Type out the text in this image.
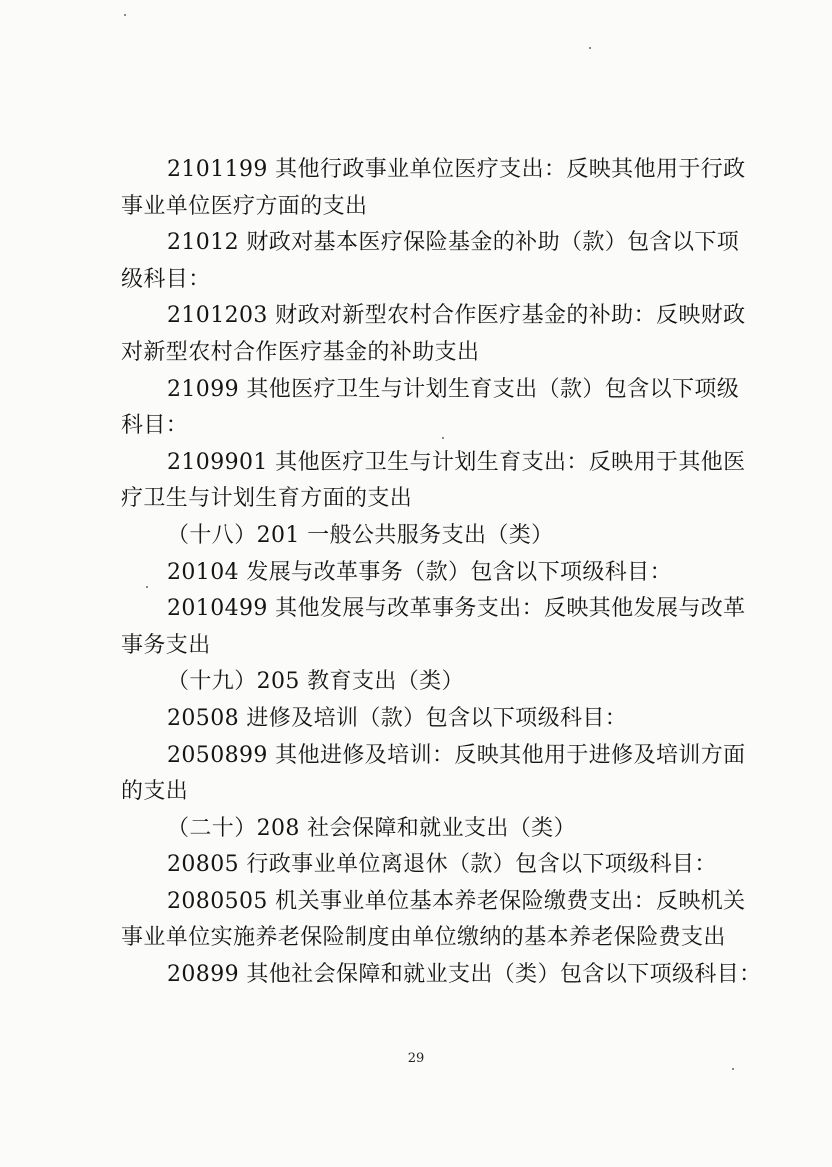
2101199 其他行政事业单位医疗支出：反映其他用于行政
事业单位医疗方面的支出
21012 财政对基本医疗保险基金的补助（款）包含以下项
级科目：
2101203 财政对新型农村合作医疗基金的补助：反映财政
对新型农村合作医疗基金的补助支出
21099 其他医疗卫生与计划生育支出（款）包含以下项级
科目：
2109901 其他医疗卫生与计划生育支出：反映用于其他医
疗卫生与计划生育方面的支出
（十八）201 一般公共服务支出（类）
20104 发展与改革事务（款）包含以下项级科目：
2010499 其他发展与改革事务支出：反映其他发展与改革
事务支出
（十九）205 教育支出（类）
20508 进修及培训（款）包含以下项级科目：
2050899 其他进修及培训：反映其他用于进修及培训方面
的支出
（二十）208 社会保障和就业支出（类）
20805 行政事业单位离退休（款）包含以下项级科目：
2080505 机关事业单位基本养老保险缴费支出：反映机关
事业单位实施养老保险制度由单位缴纳的基本养老保险费支出
20899 其他社会保障和就业支出（类）包含以下项级科目：
29
